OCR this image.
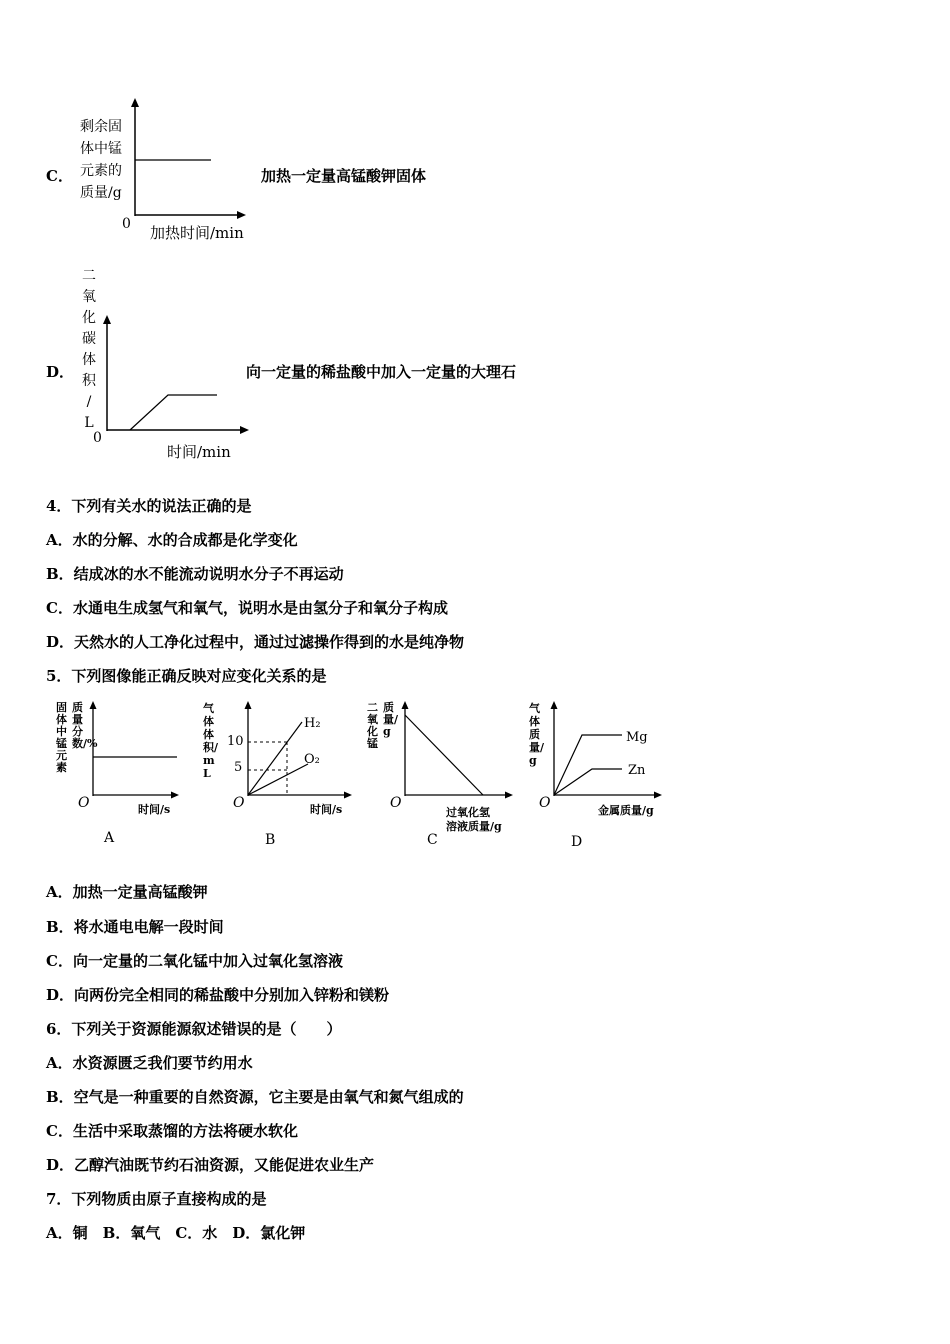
C．
剩余固
体中锰
元素的
质量/g
0 加热时间/min
加热一定量高锰酸钾固体
D．
二
氧
化
碳
体
积
/
L
0
时间/min
向一定量的稀盐酸中加入一定量的大理石
4．下列有关水的说法正确的是
A．水的分解、水的合成都是化学变化
B．结成冰的水不能流动说明水分子不再运动
C．水通电生成氢气和氧气，说明水是由氢分子和氧分子构成
D．天然水的人工净化过程中，通过过滤操作得到的水是纯净物
5．下列图像能正确反映对应变化关系的是
固体中锰元素
质量分数/%
O	时间/s
A
气体体积/mL
10
5
H₂
O₂
O	时间/s
B
二氧化锰
质量/g
O
过氧化氢
溶液质量/g
C
气体质量/g
Mg
Zn
O	金属质量/g
D
A．加热一定量高锰酸钾
B．将水通电电解一段时间
C．向一定量的二氧化锰中加入过氧化氢溶液
D．向两份完全相同的稀盐酸中分别加入锌粉和镁粉
6．下列关于资源能源叙述错误的是（　　）
A．水资源匮乏我们要节约用水
B．空气是一种重要的自然资源，它主要是由氧气和氮气组成的
C．生活中采取蒸馏的方法将硬水软化
D．乙醇汽油既节约石油资源，又能促进农业生产
7．下列物质由原子直接构成的是
A．铜　B．氧气　C．水　D．氯化钾
